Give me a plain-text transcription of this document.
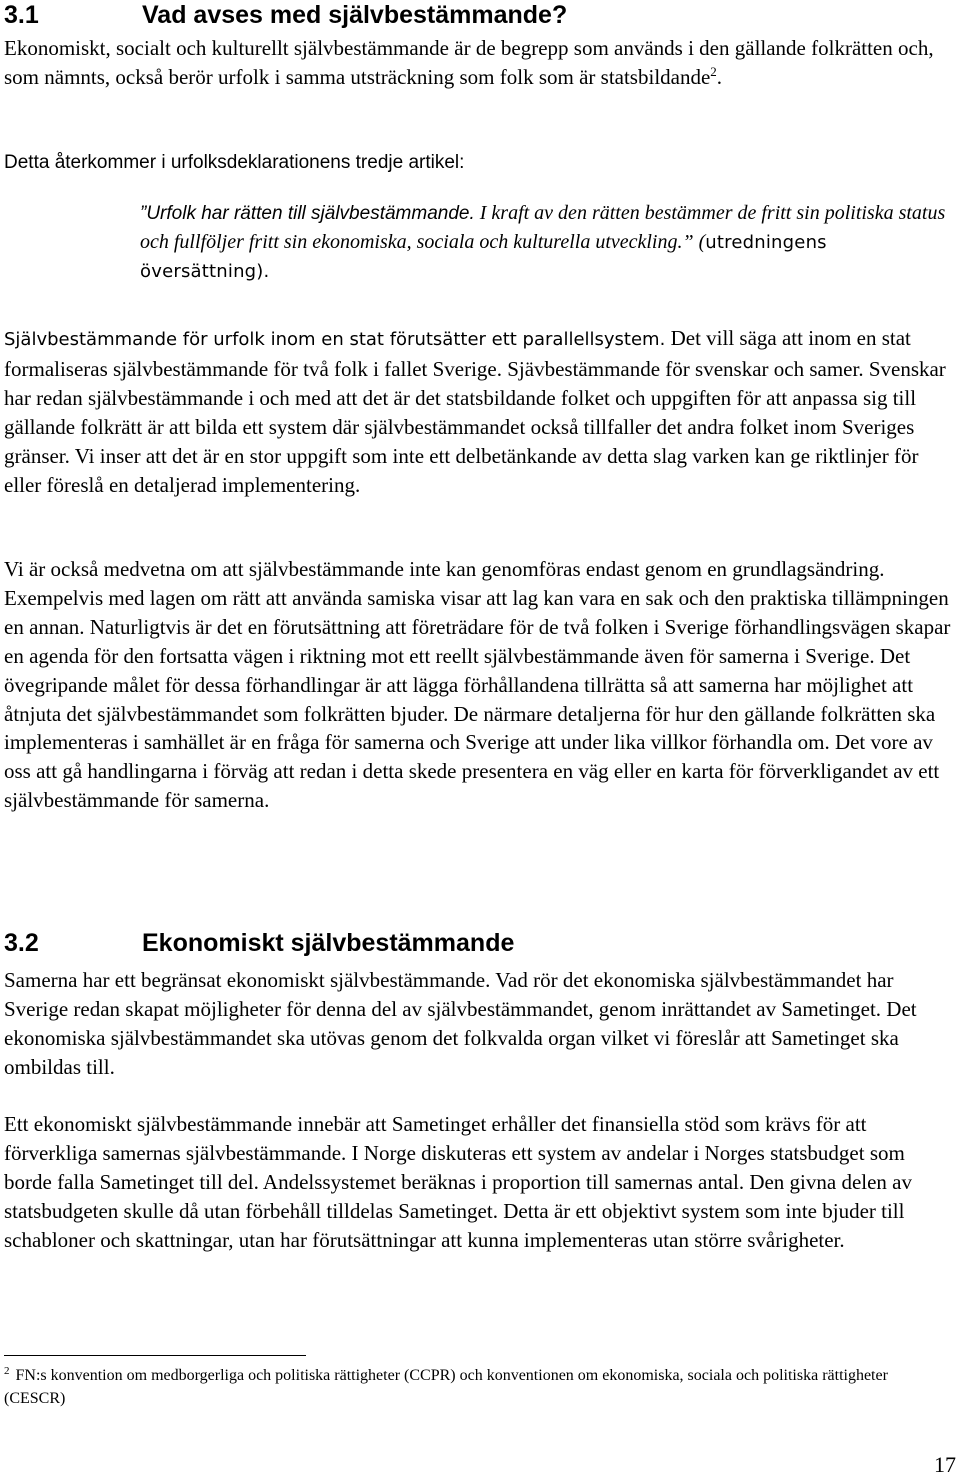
3.1	Vad avses med självbestämmande?

Ekonomiskt, socialt och kulturellt självbestämmande är de begrepp som används i den gällande folkrätten och, som nämnts, också berör urfolk i samma utsträckning som folk som är statsbildande$^2$.

Detta återkommer i urfolksdeklarationens tredje artikel:

”Urfolk har rätten till självbestämmande. I kraft av den rätten bestämmer de fritt sin politiska status och fullföljer fritt sin ekonomiska, sociala och kulturella utveckling.” (utredningens översättning).

Självbestämmande för urfolk inom en stat förutsätter ett parallellsystem. Det vill säga att inom en stat formaliseras självbestämmande för två folk i fallet Sverige. Sjävbestämmande för svenskar och samer. Svenskar har redan självbestämmande i och med att det är det statsbildande folket och uppgiften för att anpassa sig till gällande folkrätt är att bilda ett system där självbestämmandet också tillfaller det andra folket inom Sveriges gränser. Vi inser att det är en stor uppgift som inte ett delbetänkande av detta slag varken kan ge riktlinjer för eller föreslå en detaljerad implementering.

Vi är också medvetna om att självbestämmande inte kan genomföras endast genom en grundlagsändring. Exempelvis med lagen om rätt att använda samiska visar att lag kan vara en sak och den praktiska tillämpningen en annan. Naturligtvis är det en förutsättning att företrädare för de två folken i Sverige förhandlingsvägen skapar en agenda för den fortsatta vägen i riktning mot ett reellt självbestämmande även för samerna i Sverige. Det övegripande målet för dessa förhandlingar är att lägga förhållandena tillrätta så att samerna har möjlighet att åtnjuta det självbestämmandet som folkrätten bjuder. De närmare detaljerna för hur den gällande folkrätten ska implementeras i samhället är en fråga för samerna och Sverige att under lika villkor förhandla om. Det vore av oss att gå handlingarna i förväg att redan i detta skede presentera en väg eller en karta för förverkligandet av ett självbestämmande för samerna.

3.2	Ekonomiskt självbestämmande

Samerna har ett begränsat ekonomiskt självbestämmande. Vad rör det ekonomiska självbestämmandet har Sverige redan skapat möjligheter för denna del av självbestämmandet, genom inrättandet av Sametinget. Det ekonomiska självbestämmandet ska utövas genom det folkvalda organ vilket vi föreslår att Sametinget ska ombildas till.

Ett ekonomiskt självbestämmande innebär att Sametinget erhåller det finansiella stöd som krävs för att förverkliga samernas självbestämmande. I Norge diskuteras ett system av andelar i Norges statsbudget som borde falla Sametinget till del. Andelssystemet beräknas i proportion till samernas antal. Den givna delen av statsbudgeten skulle då utan förbehåll tilldelas Sametinget. Detta är ett objektivt system som inte bjuder till schabloner och skattningar, utan har förutsättningar att kunna implementeras utan större svårigheter.

$^2$ FN:s konvention om medborgerliga och politiska rättigheter (CCPR) och konventionen om ekonomiska, sociala och politiska rättigheter (CESCR)

17
